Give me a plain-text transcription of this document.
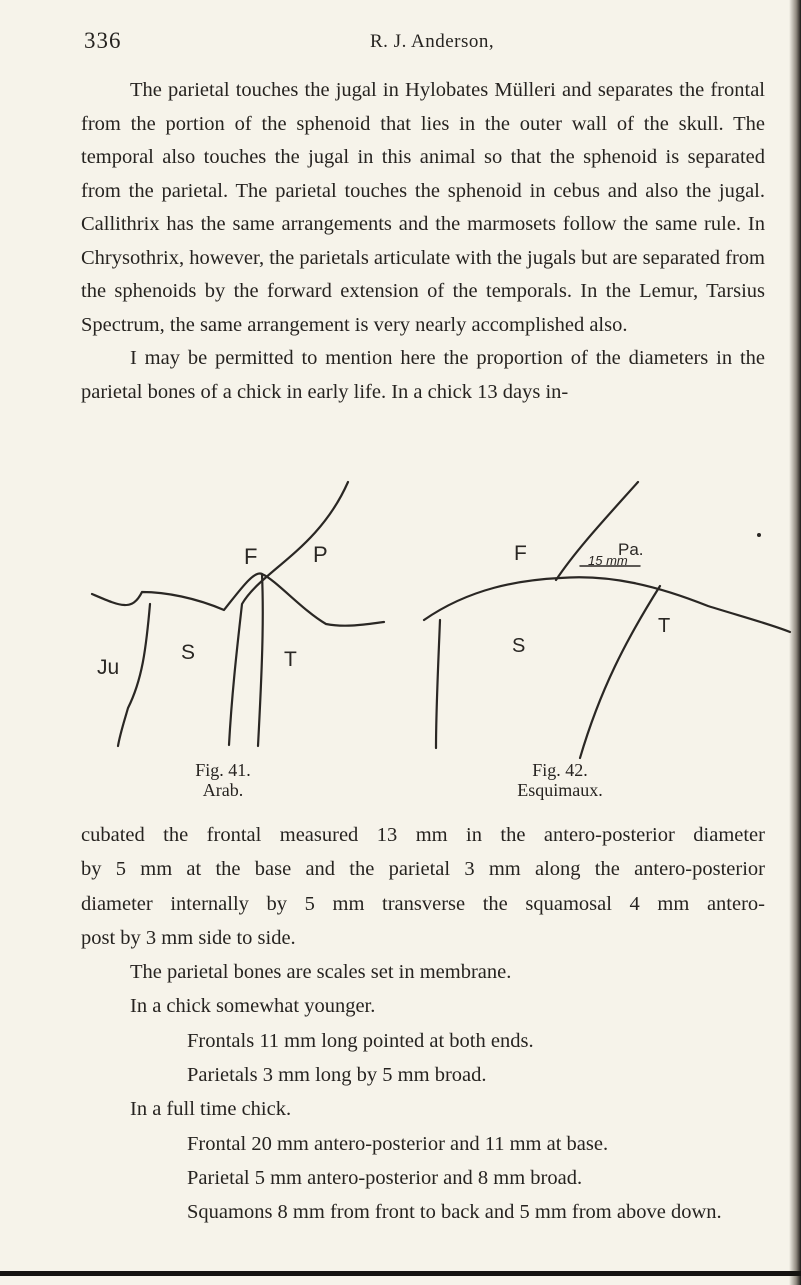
336	R. J. Anderson,

The parietal touches the jugal in Hylobates Mülleri and separates the frontal from the portion of the sphenoid that lies in the outer wall of the skull. The temporal also touches the jugal in this animal so that the sphenoid is separated from the parietal. The parietal touches the sphenoid in cebus and also the jugal. Callithrix has the same arrangements and the marmosets follow the same rule. In Chrysothrix, however, the parietals articulate with the jugals but are separated from the sphenoids by the forward extension of the temporals. In the Lemur, Tarsius Spectrum, the same arrangement is very nearly accomplished also.

I may be permitted to mention here the proportion of the diameters in the parietal bones of a chick in early life. In a chick 13 days in-

F	P
Ju
S	T
F	Pa.
15 mm
S
T
Fig. 41.
Arab.
Fig. 42.
Esquimaux.
cubated the frontal measured 13 mm in the antero-posterior diameter
by 5 mm at the base and the parietal 3 mm along the antero-posterior
diameter internally by 5 mm transverse the squamosal 4 mm antero-
post by 3 mm side to side.
The parietal bones are scales set in membrane.
In a chick somewhat younger.
Frontals 11 mm long pointed at both ends.
Parietals 3 mm long by 5 mm broad.
In a full time chick.
Frontal 20 mm antero-posterior and 11 mm at base.
Parietal 5 mm antero-posterior and 8 mm broad.
Squamons 8 mm from front to back and 5 mm from above down.
